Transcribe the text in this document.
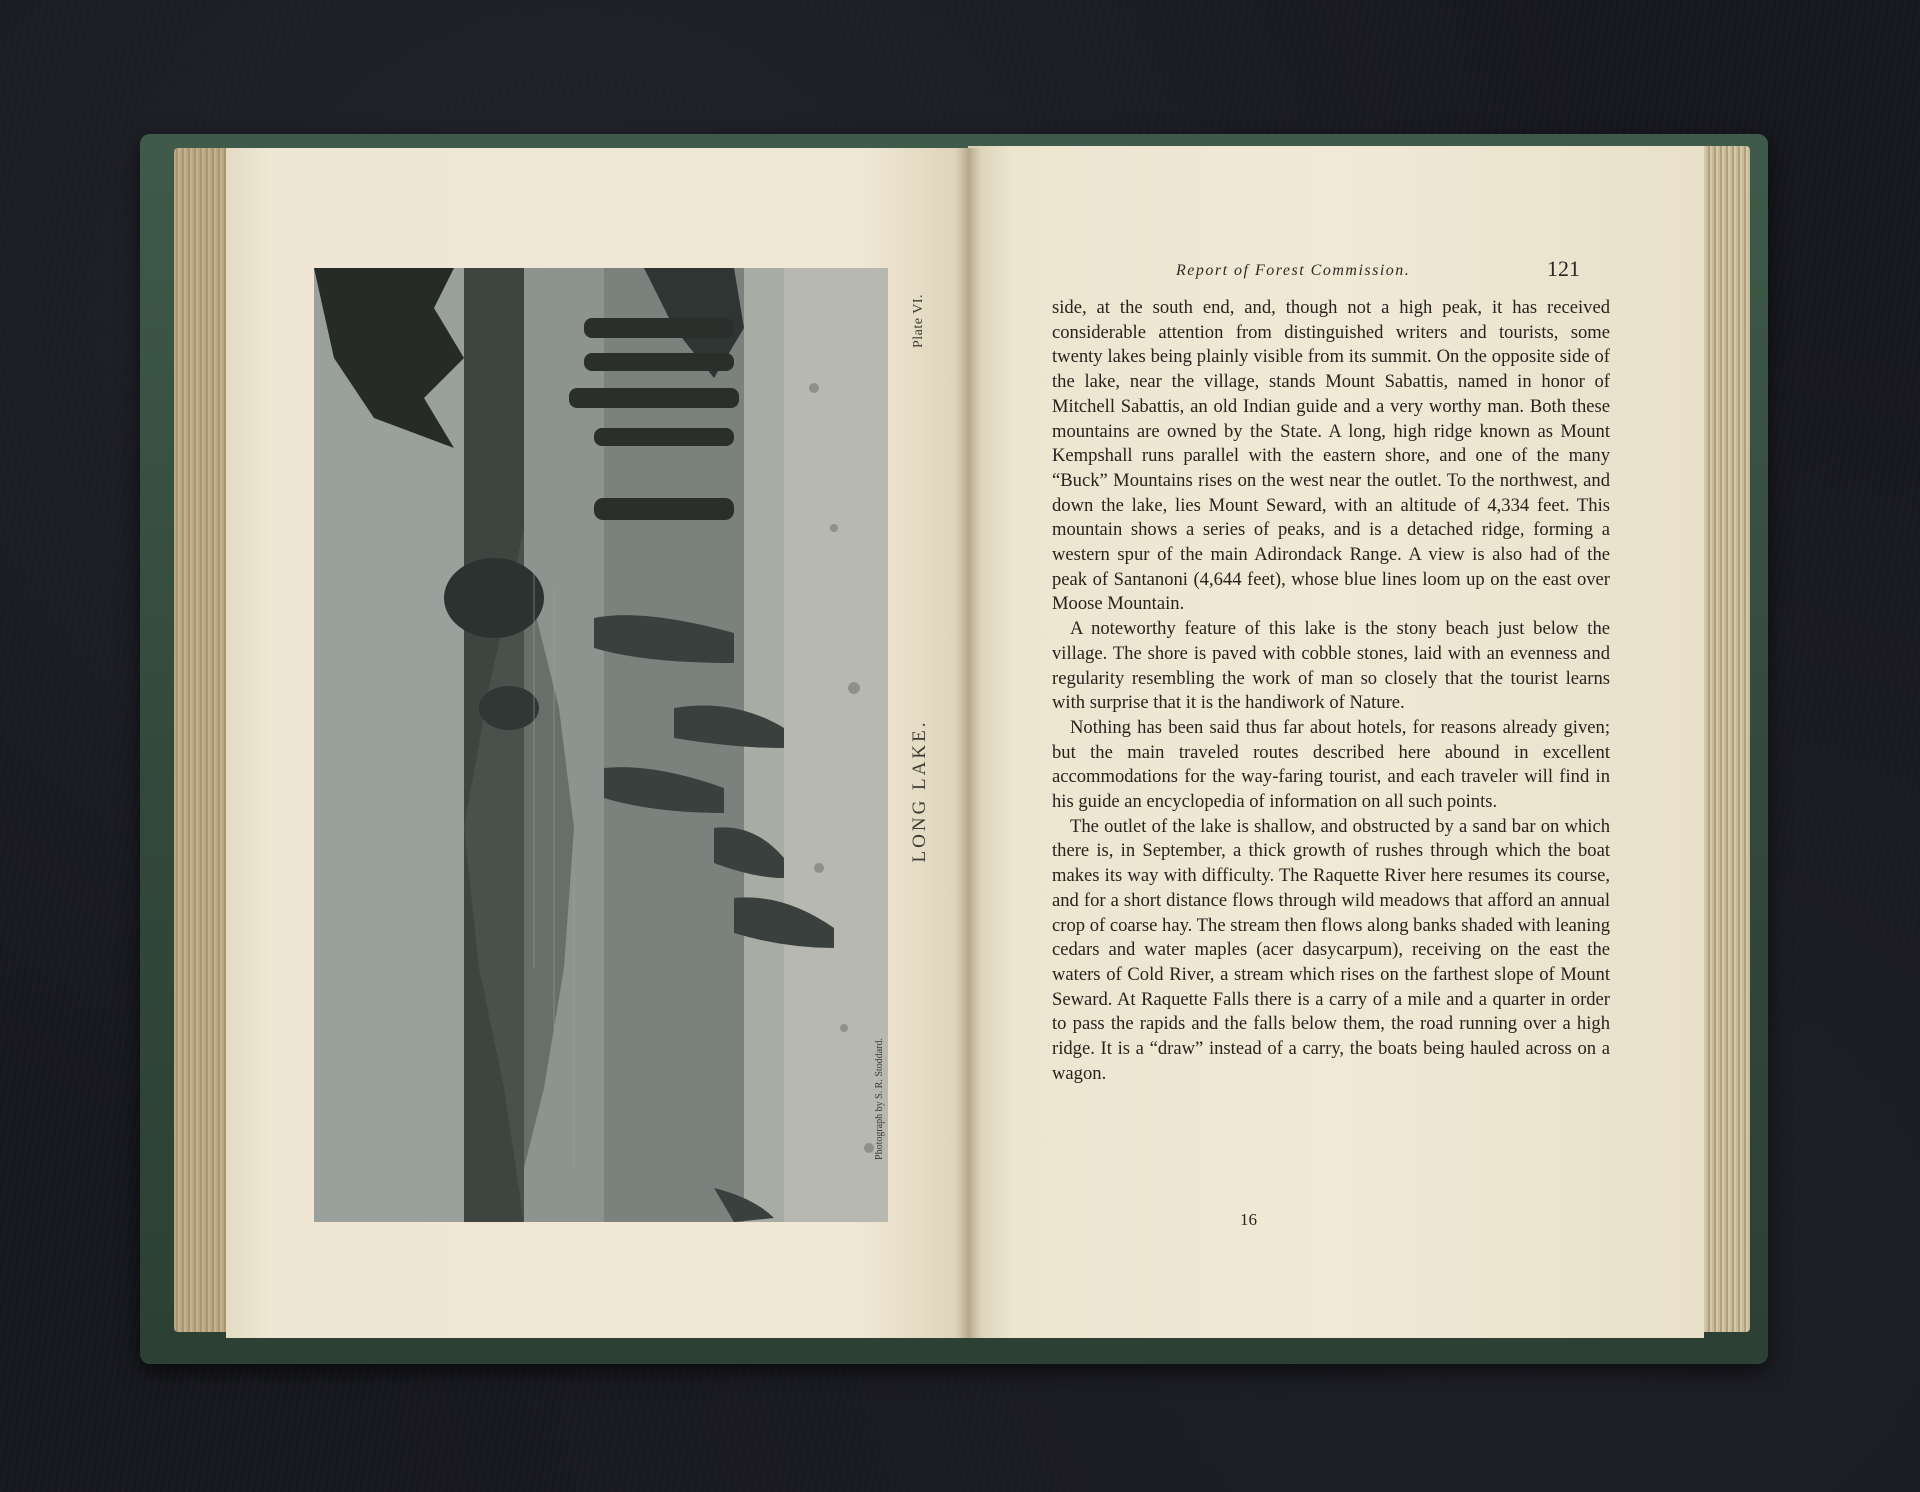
Plate VI.
LONG LAKE.
Photograph by S. R. Stoddard.
Report of Forest Commission.	121

side, at the south end, and, though not a high peak, it has received considerable attention from distinguished writers and tourists, some twenty lakes being plainly visible from its summit. On the opposite side of the lake, near the village, stands Mount Sabattis, named in honor of Mitchell Sabattis, an old Indian guide and a very worthy man. Both these mountains are owned by the State. A long, high ridge known as Mount Kempshall runs parallel with the eastern shore, and one of the many “Buck” Mountains rises on the west near the outlet. To the northwest, and down the lake, lies Mount Seward, with an altitude of 4,334 feet. This mountain shows a series of peaks, and is a detached ridge, forming a western spur of the main Adirondack Range. A view is also had of the peak of Santanoni (4,644 feet), whose blue lines loom up on the east over Moose Mountain.

A noteworthy feature of this lake is the stony beach just below the village. The shore is paved with cobble stones, laid with an evenness and regularity resembling the work of man so closely that the tourist learns with surprise that it is the handiwork of Nature.

Nothing has been said thus far about hotels, for reasons already given; but the main traveled routes described here abound in excellent accommodations for the way-faring tourist, and each traveler will find in his guide an encyclopedia of information on all such points.

The outlet of the lake is shallow, and obstructed by a sand bar on which there is, in September, a thick growth of rushes through which the boat makes its way with difficulty. The Raquette River here resumes its course, and for a short distance flows through wild meadows that afford an annual crop of coarse hay. The stream then flows along banks shaded with leaning cedars and water maples (acer dasycarpum), receiving on the east the waters of Cold River, a stream which rises on the farthest slope of Mount Seward. At Raquette Falls there is a carry of a mile and a quarter in order to pass the rapids and the falls below them, the road running over a high ridge. It is a “draw” instead of a carry, the boats being hauled across on a wagon.

16
